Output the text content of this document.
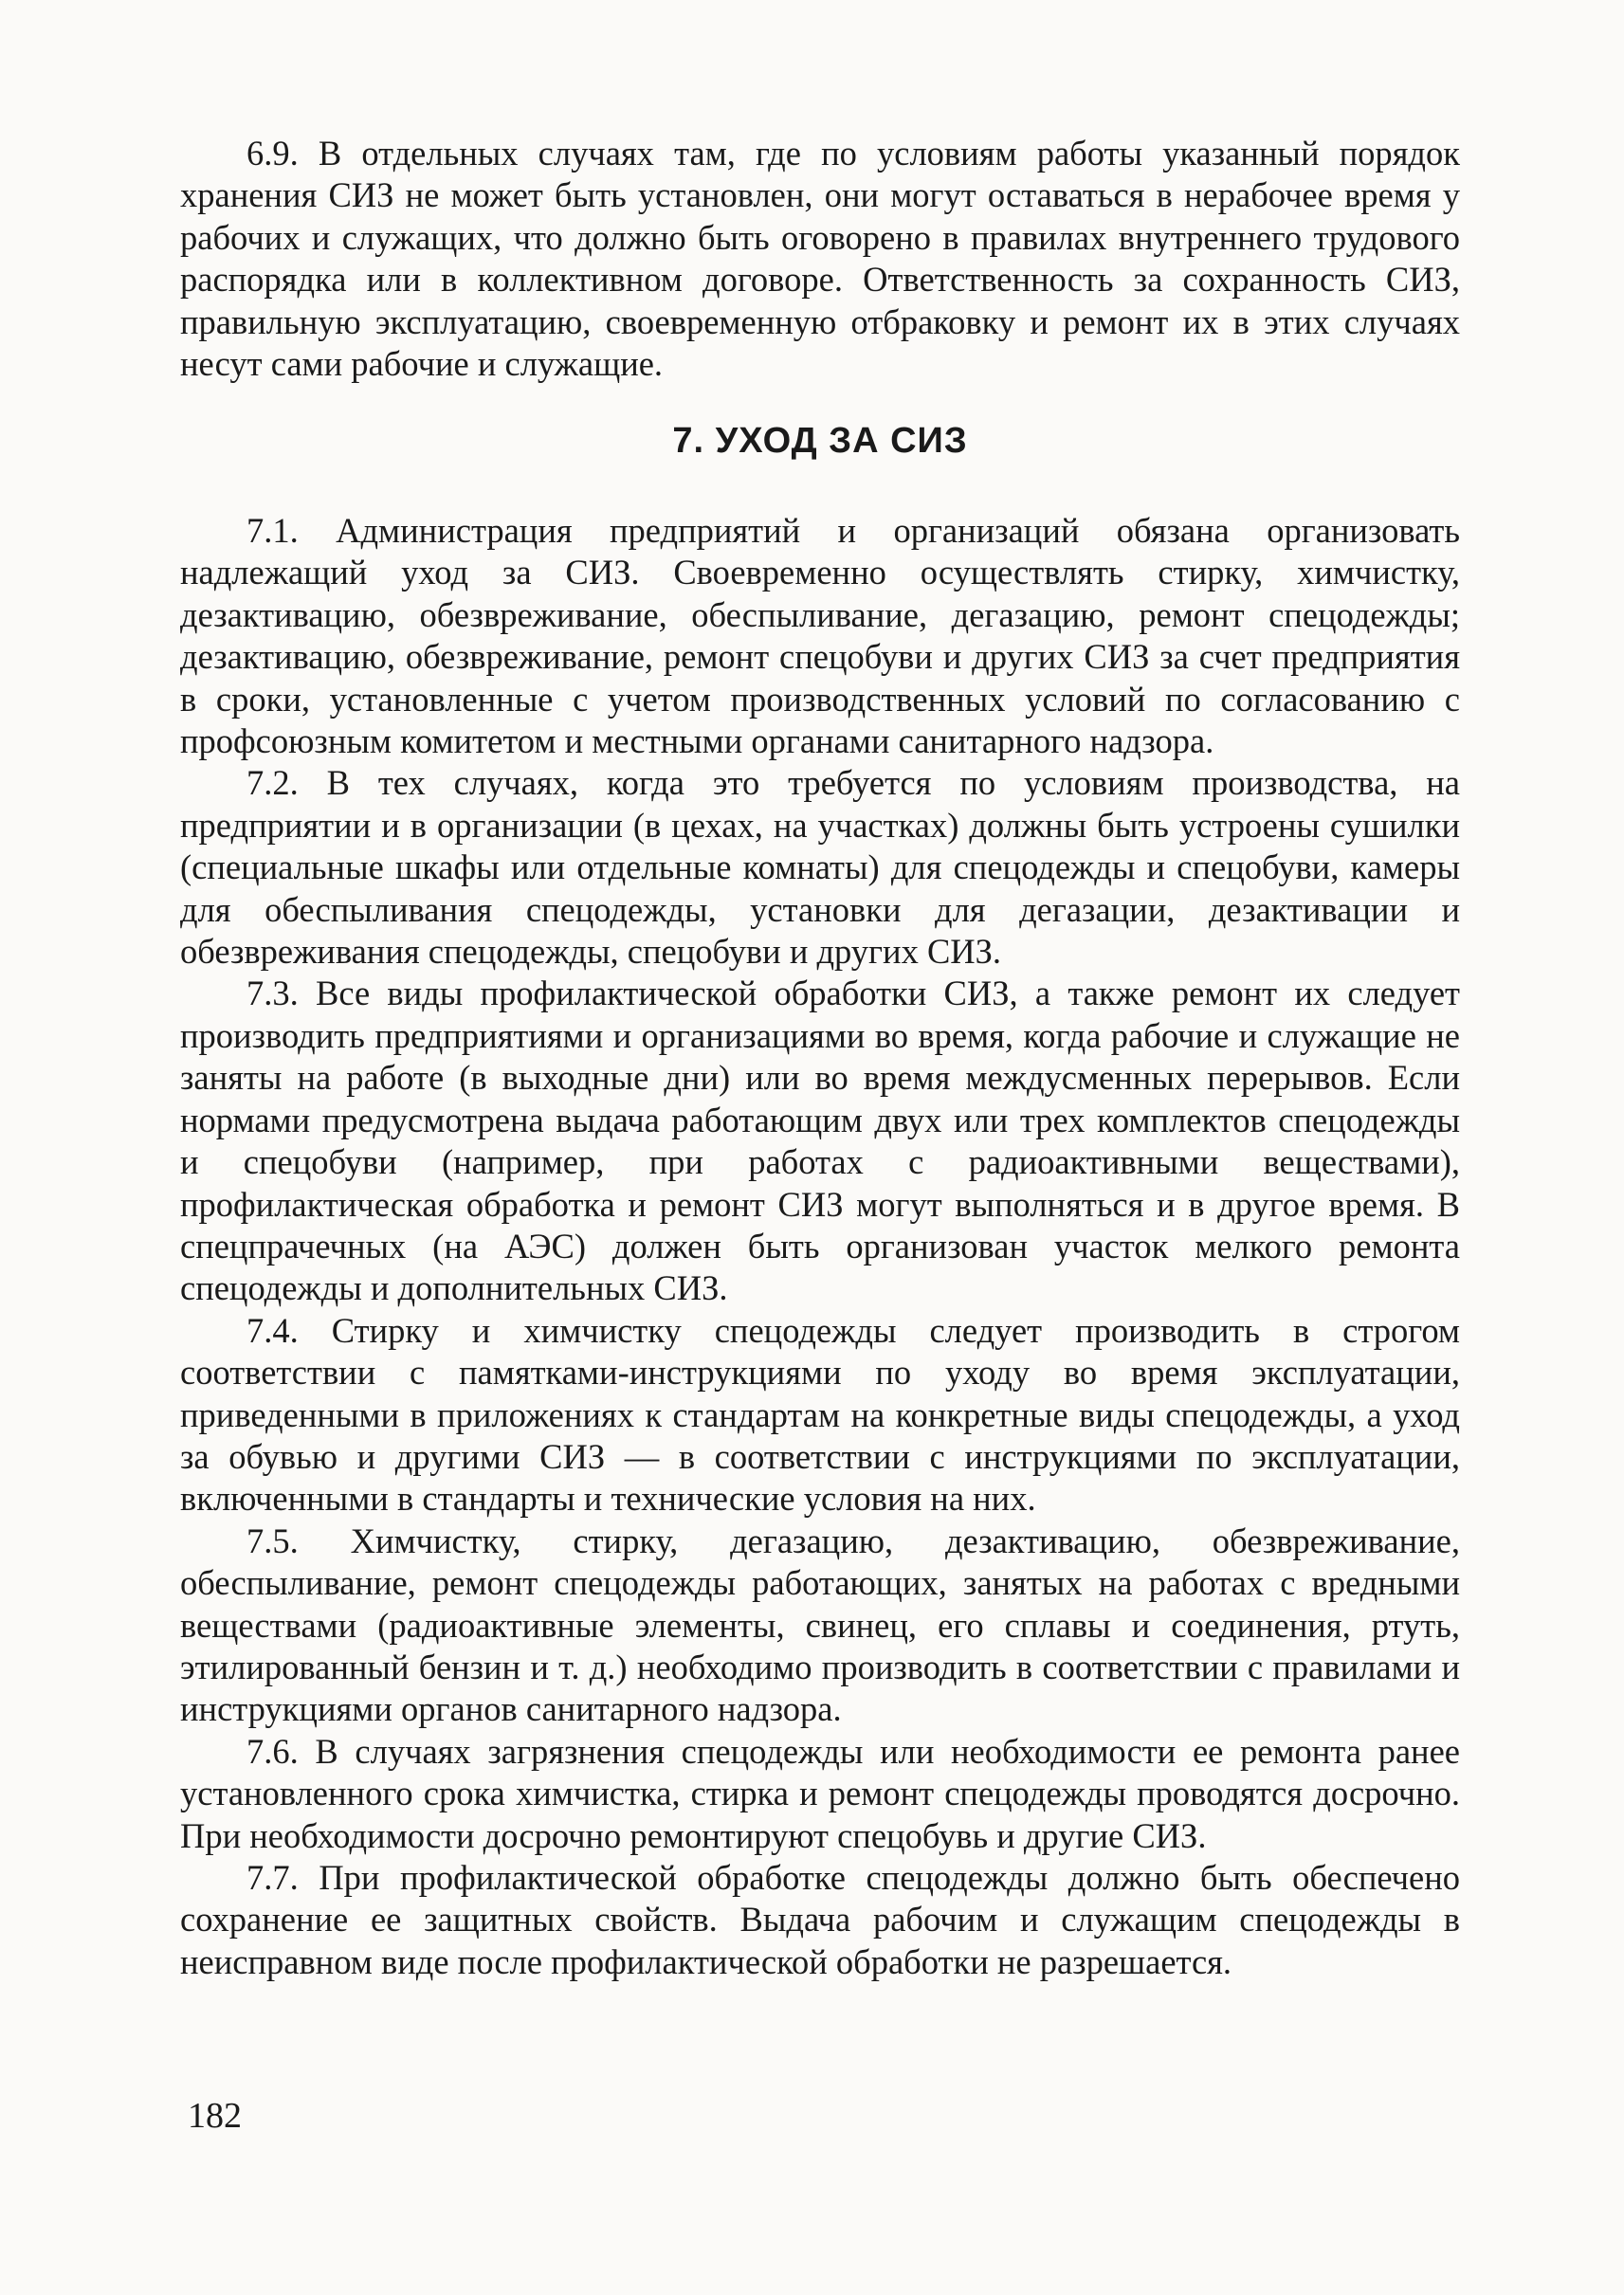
6.9. В отдельных случаях там, где по условиям работы указанный порядок хранения СИЗ не может быть установлен, они могут оставаться в нерабочее время у рабочих и служащих, что должно быть оговорено в правилах внутреннего трудового распорядка или в коллективном договоре. Ответственность за сохранность СИЗ, правильную эксплуатацию, своевременную отбраковку и ремонт их в этих случаях несут сами рабочие и служащие.

7. УХОД ЗА СИЗ

7.1. Администрация предприятий и организаций обязана организовать надлежащий уход за СИЗ. Своевременно осуществлять стирку, химчистку, дезактивацию, обезвреживание, обеспыливание, дегазацию, ремонт спецодежды; дезактивацию, обезвреживание, ремонт спецобуви и других СИЗ за счет предприятия в сроки, установленные с учетом производственных условий по согласованию с профсоюзным комитетом и местными органами санитарного надзора.

7.2. В тех случаях, когда это требуется по условиям производства, на предприятии и в организации (в цехах, на участках) должны быть устроены сушилки (специальные шкафы или отдельные комнаты) для спецодежды и спецобуви, камеры для обеспыливания спецодежды, установки для дегазации, дезактивации и обезвреживания спецодежды, спецобуви и других СИЗ.

7.3. Все виды профилактической обработки СИЗ, а также ремонт их следует производить предприятиями и организациями во время, когда рабочие и служащие не заняты на работе (в выходные дни) или во время междусменных перерывов. Если нормами предусмотрена выдача работающим двух или трех комплектов спецодежды и спецобуви (например, при работах с радиоактивными веществами), профилактическая обработка и ремонт СИЗ могут выполняться и в другое время. В спецпрачечных (на АЭС) должен быть организован участок мелкого ремонта спецодежды и дополнительных СИЗ.

7.4. Стирку и химчистку спецодежды следует производить в строгом соответствии с памятками-инструкциями по уходу во время эксплуатации, приведенными в приложениях к стандартам на конкретные виды спецодежды, а уход за обувью и другими СИЗ — в соответствии с инструкциями по эксплуатации, включенными в стандарты и технические условия на них.

7.5. Химчистку, стирку, дегазацию, дезактивацию, обезвреживание, обеспыливание, ремонт спецодежды работающих, занятых на работах с вредными веществами (радиоактивные элементы, свинец, его сплавы и соединения, ртуть, этилированный бензин и т. д.) необходимо производить в соответствии с правилами и инструкциями органов санитарного надзора.

7.6. В случаях загрязнения спецодежды или необходимости ее ремонта ранее установленного срока химчистка, стирка и ремонт спецодежды проводятся досрочно. При необходимости досрочно ремонтируют спецобувь и другие СИЗ.

7.7. При профилактической обработке спецодежды должно быть обеспечено сохранение ее защитных свойств. Выдача рабочим и служащим спецодежды в неисправном виде после профилактической обработки не разрешается.

182
